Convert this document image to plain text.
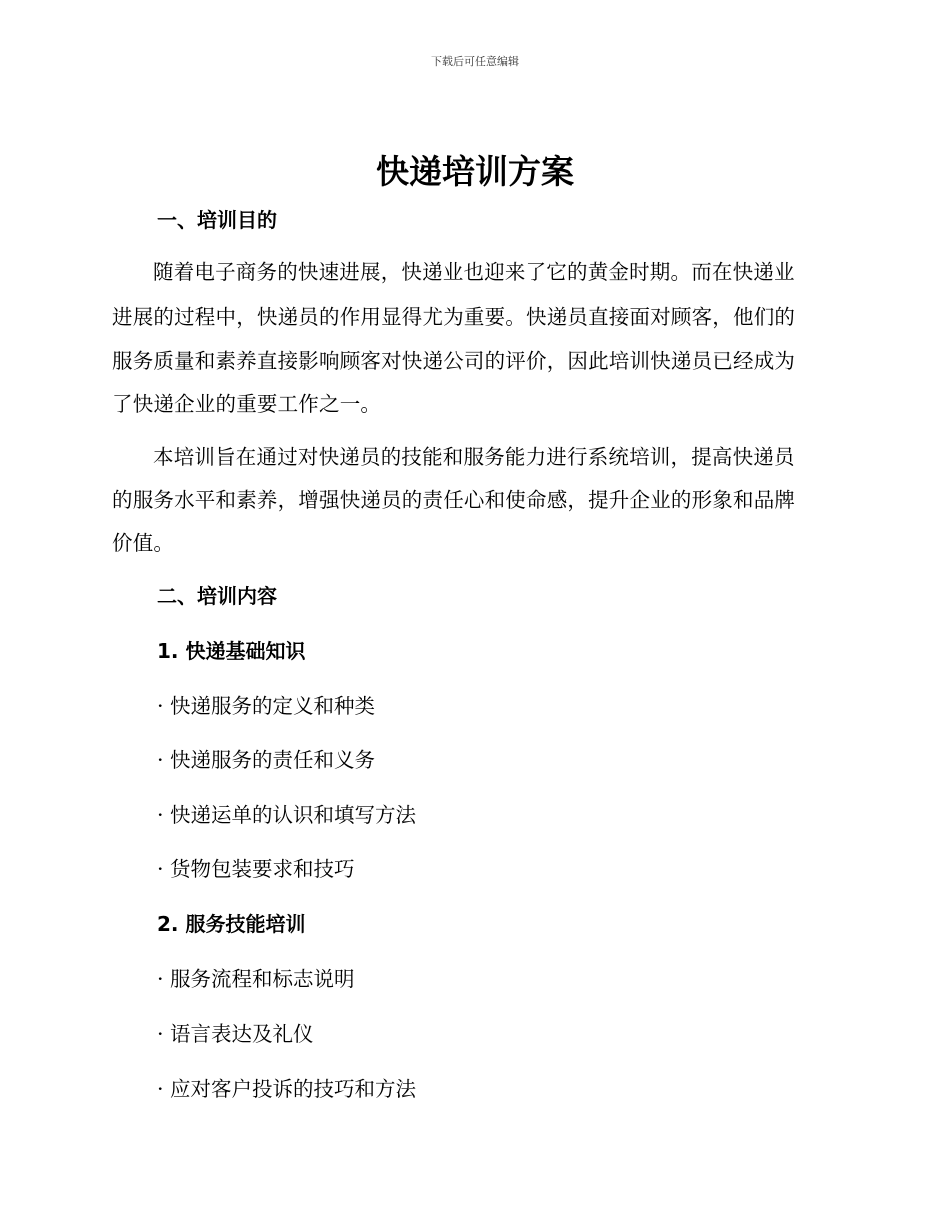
下载后可任意编辑
快递培训方案
一、培训目的

随着电子商务的快速进展，快递业也迎来了它的黄金时期。而在快递业

进展的过程中，快递员的作用显得尤为重要。快递员直接面对顾客，他们的

服务质量和素养直接影响顾客对快递公司的评价，因此培训快递员已经成为

了快递企业的重要工作之一。

本培训旨在通过对快递员的技能和服务能力进行系统培训，提高快递员

的服务水平和素养，增强快递员的责任心和使命感，提升企业的形象和品牌

价值。

二、培训内容
1. 快递基础知识

· 快递服务的定义和种类

· 快递服务的责任和义务

· 快递运单的认识和填写方法

· 货物包装要求和技巧

2. 服务技能培训

· 服务流程和标志说明

· 语言表达及礼仪

· 应对客户投诉的技巧和方法
